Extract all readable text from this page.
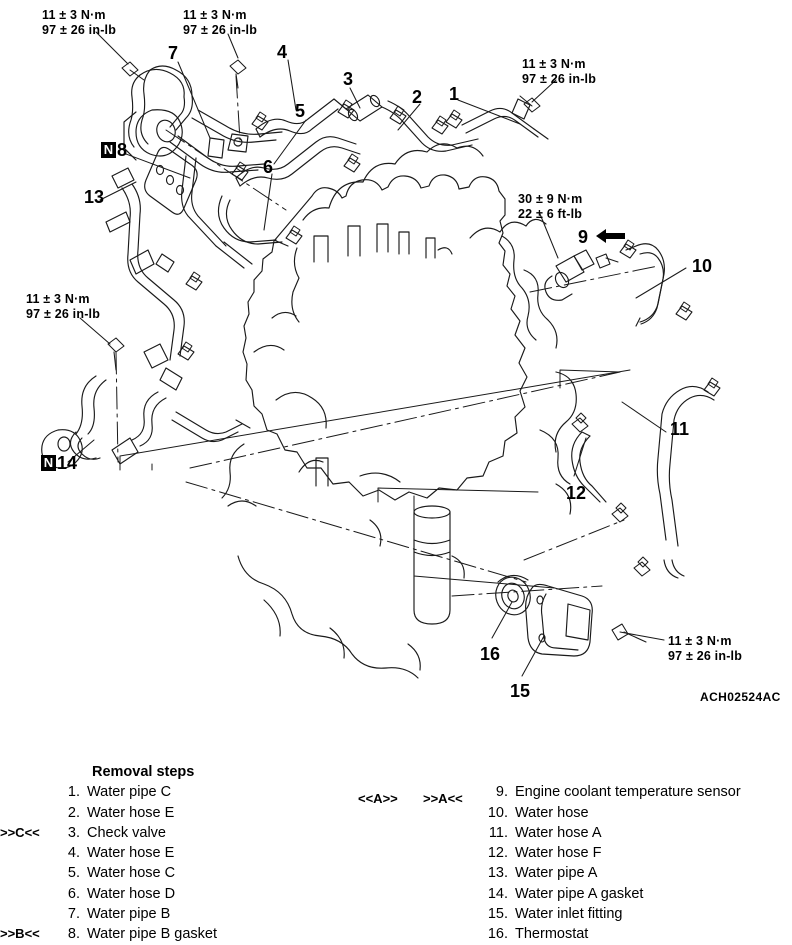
11 ± 3 N·m
97 ± 26 in-lb
11 ± 3 N·m
97 ± 26 in-lb
11 ± 3 N·m
97 ± 26 in-lb
30 ± 9 N·m
22 ± 6 ft-lb
11 ± 3 N·m
97 ± 26 in-lb
11 ± 3 N·m
97 ± 26 in-lb
7	4
3
2 1
5
6
13
9
10
11
12
16
15
N 8
N 14
ACH02524AC
Removal steps
1. Water pipe C
2. Water hose E
>>C<<	3. Check valve
4. Water hose E
5. Water hose C
6. Water hose D
7. Water pipe B
>>B<<	8. Water pipe B gasket
<<A>> >>A<<	9. Engine coolant temperature sensor
10. Water hose
11. Water hose A
12. Water hose F
13. Water pipe A
14. Water pipe A gasket
15. Water inlet fitting
16. Thermostat
